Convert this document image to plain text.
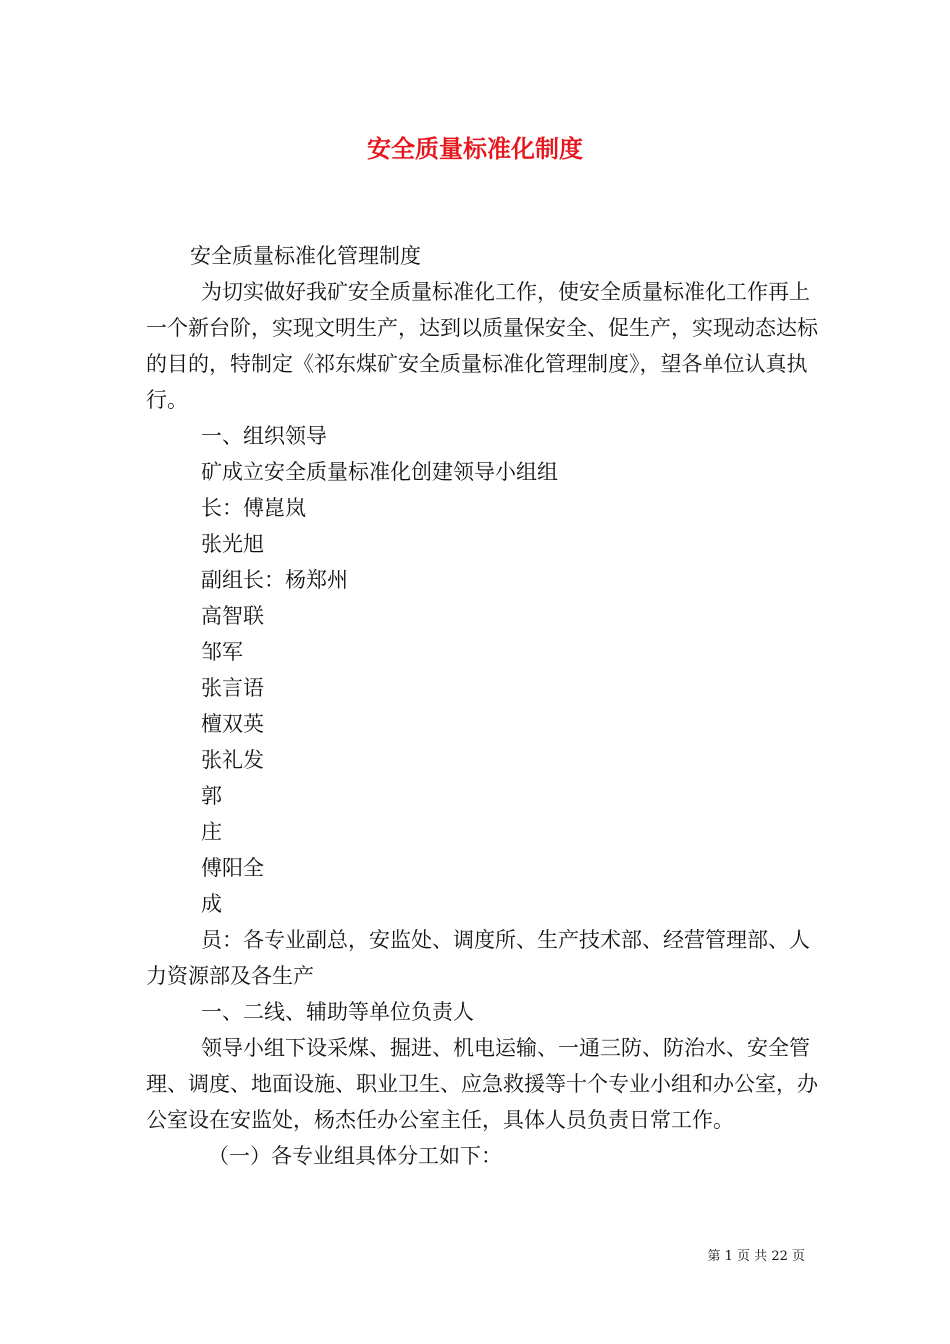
安全质量标准化制度

安全质量标准化管理制度

为切实做好我矿安全质量标准化工作，使安全质量标准化工作再上一个新台阶，实现文明生产，达到以质量保安全、促生产，实现动态达标的目的，特制定《祁东煤矿安全质量标准化管理制度》，望各单位认真执行。

一、组织领导

矿成立安全质量标准化创建领导小组组

长：傅崑岚

张光旭

副组长：杨郑州

高智联

邹军

张言语

檀双英

张礼发

郭

庄

傅阳全

成

员：各专业副总，安监处、调度所、生产技术部、经营管理部、人力资源部及各生产

一、二线、辅助等单位负责人

领导小组下设采煤、掘进、机电运输、一通三防、防治水、安全管理、调度、地面设施、职业卫生、应急救援等十个专业小组和办公室，办公室设在安监处，杨杰任办公室主任，具体人员负责日常工作。

（一）各专业组具体分工如下：

第 1 页 共 22 页
